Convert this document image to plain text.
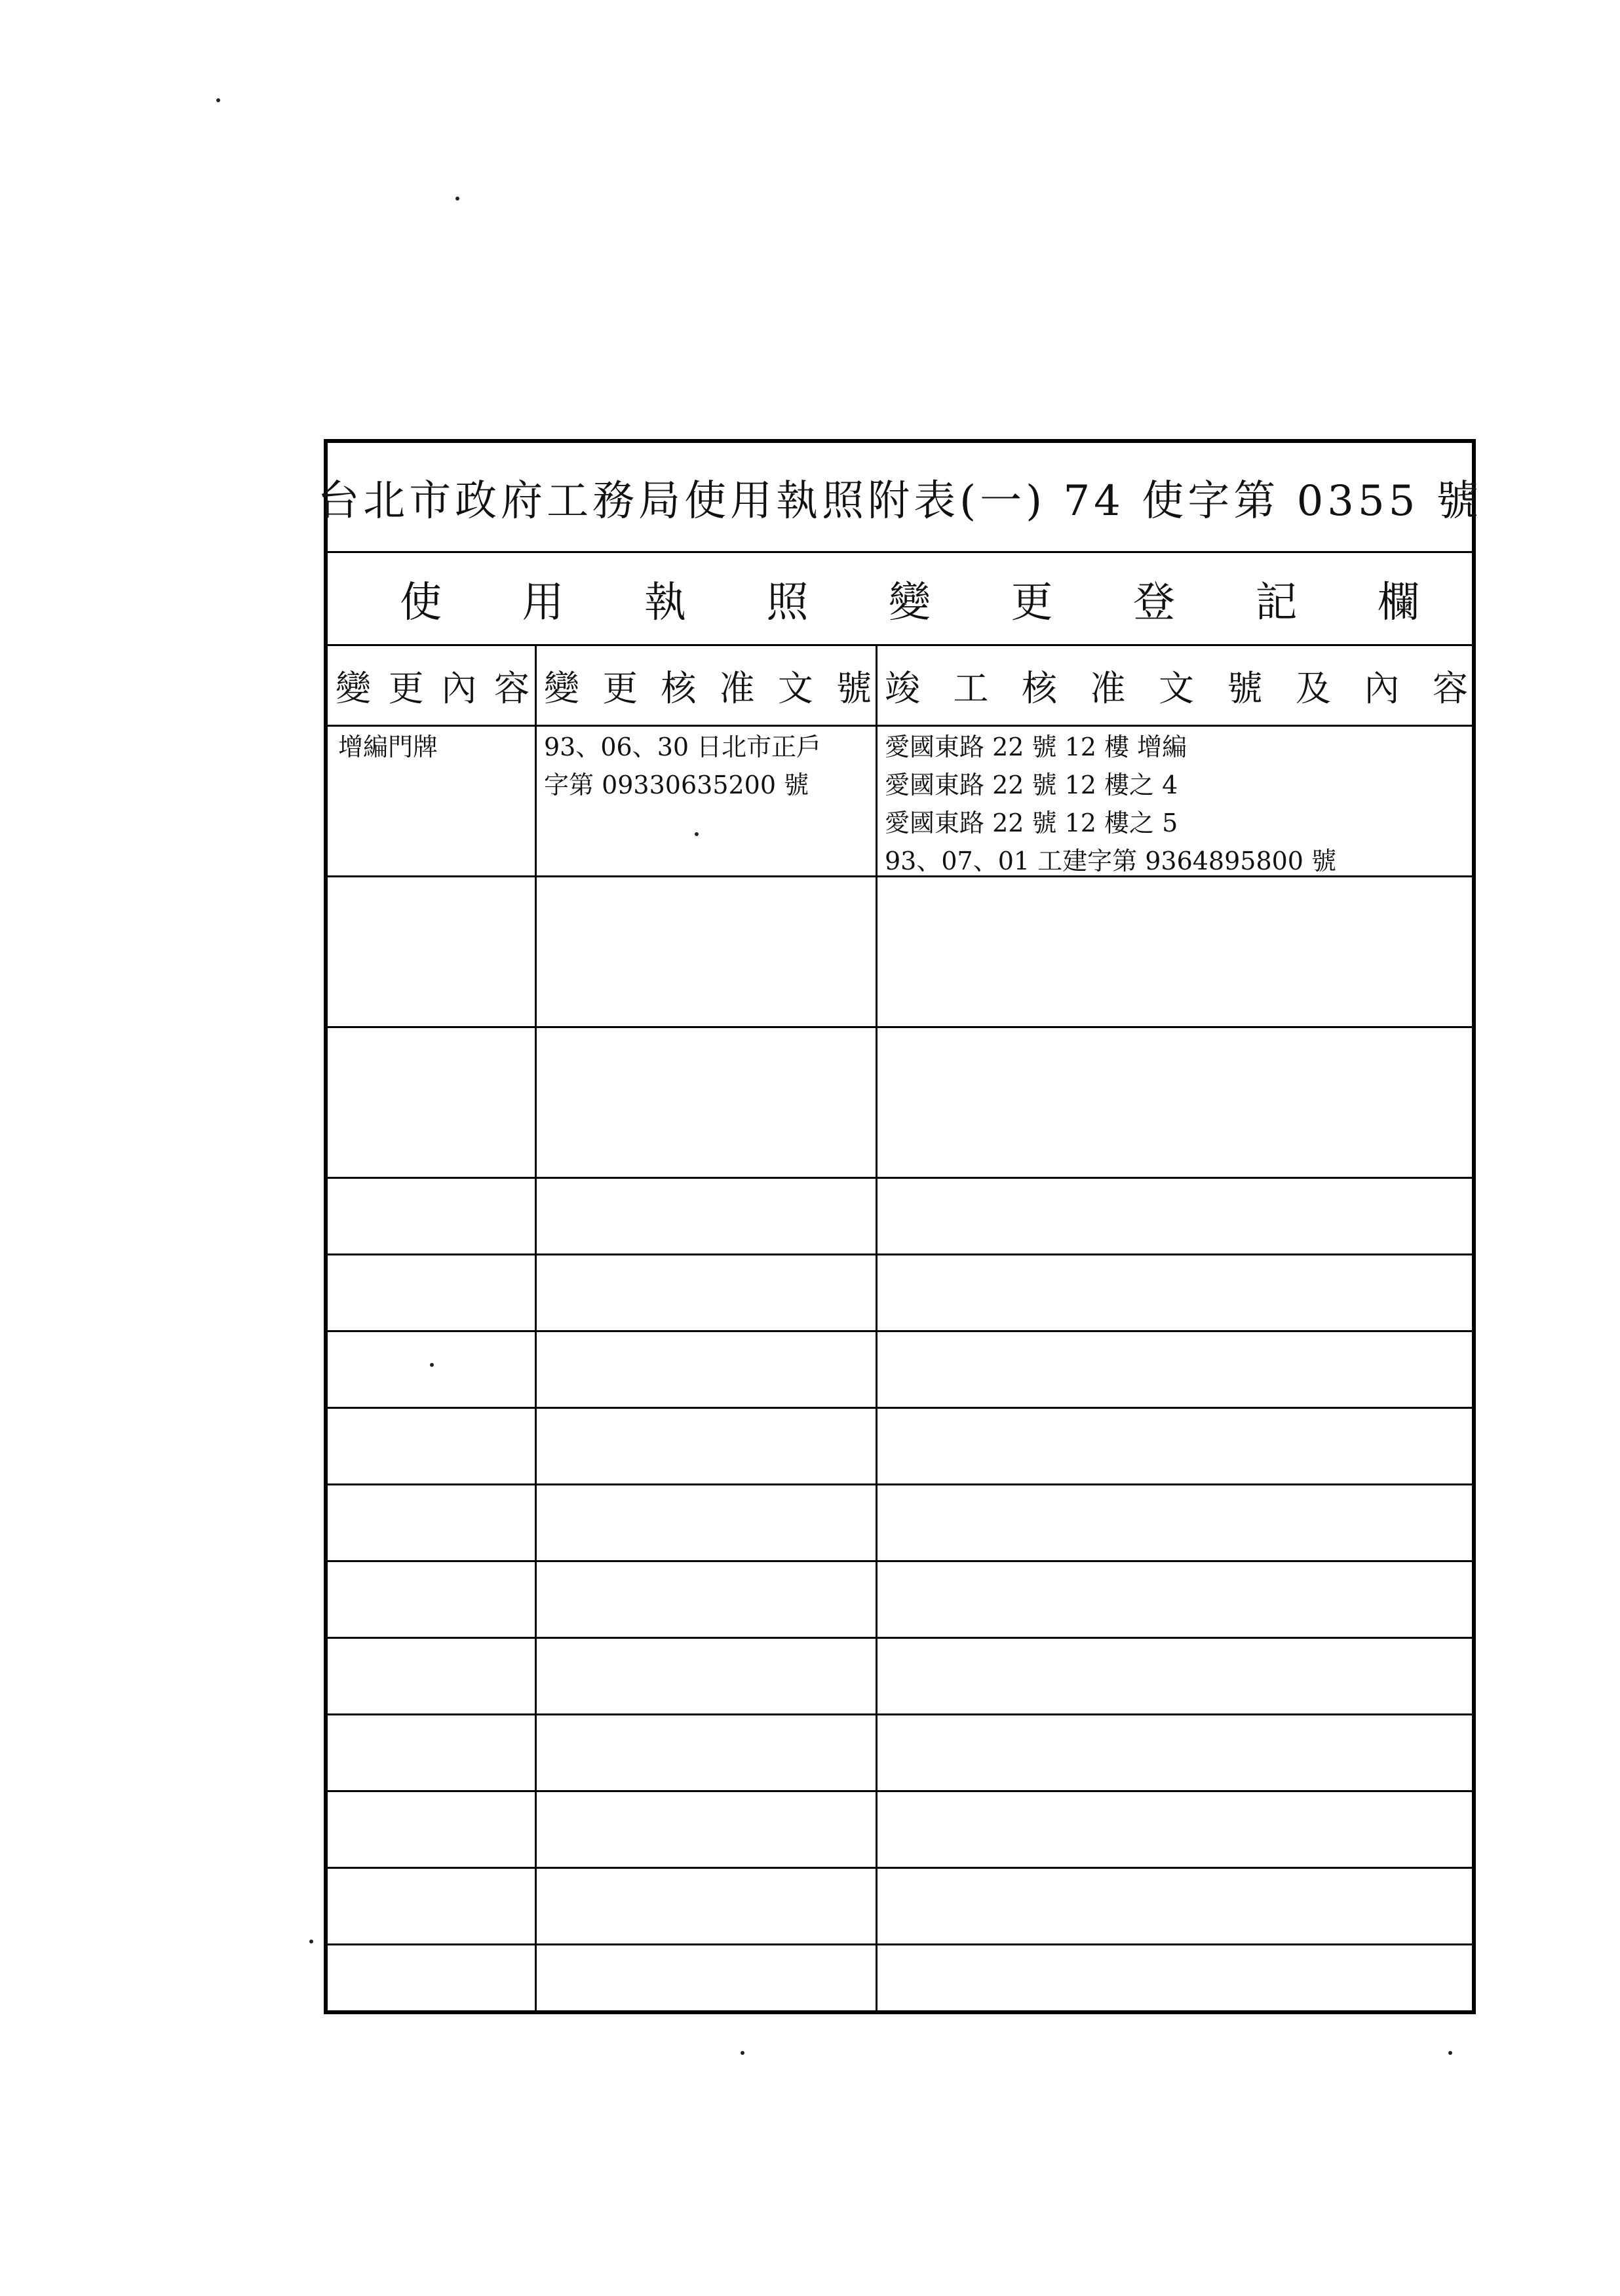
台北市政府工務局使用執照附表(一) 74 使字第 0355 號
使 用 執 照 變 更 登 記 欄
變 更 內 容 變 更 核 准 文 號 竣 工 核 准 文 號 及 內 容
增編門牌	93、06、30 日北市正戶
字第 09330635200 號
愛國東路 22 號 12 樓 增編
愛國東路 22 號 12 樓之 4
愛國東路 22 號 12 樓之 5
93、07、01 工建字第 9364895800 號
